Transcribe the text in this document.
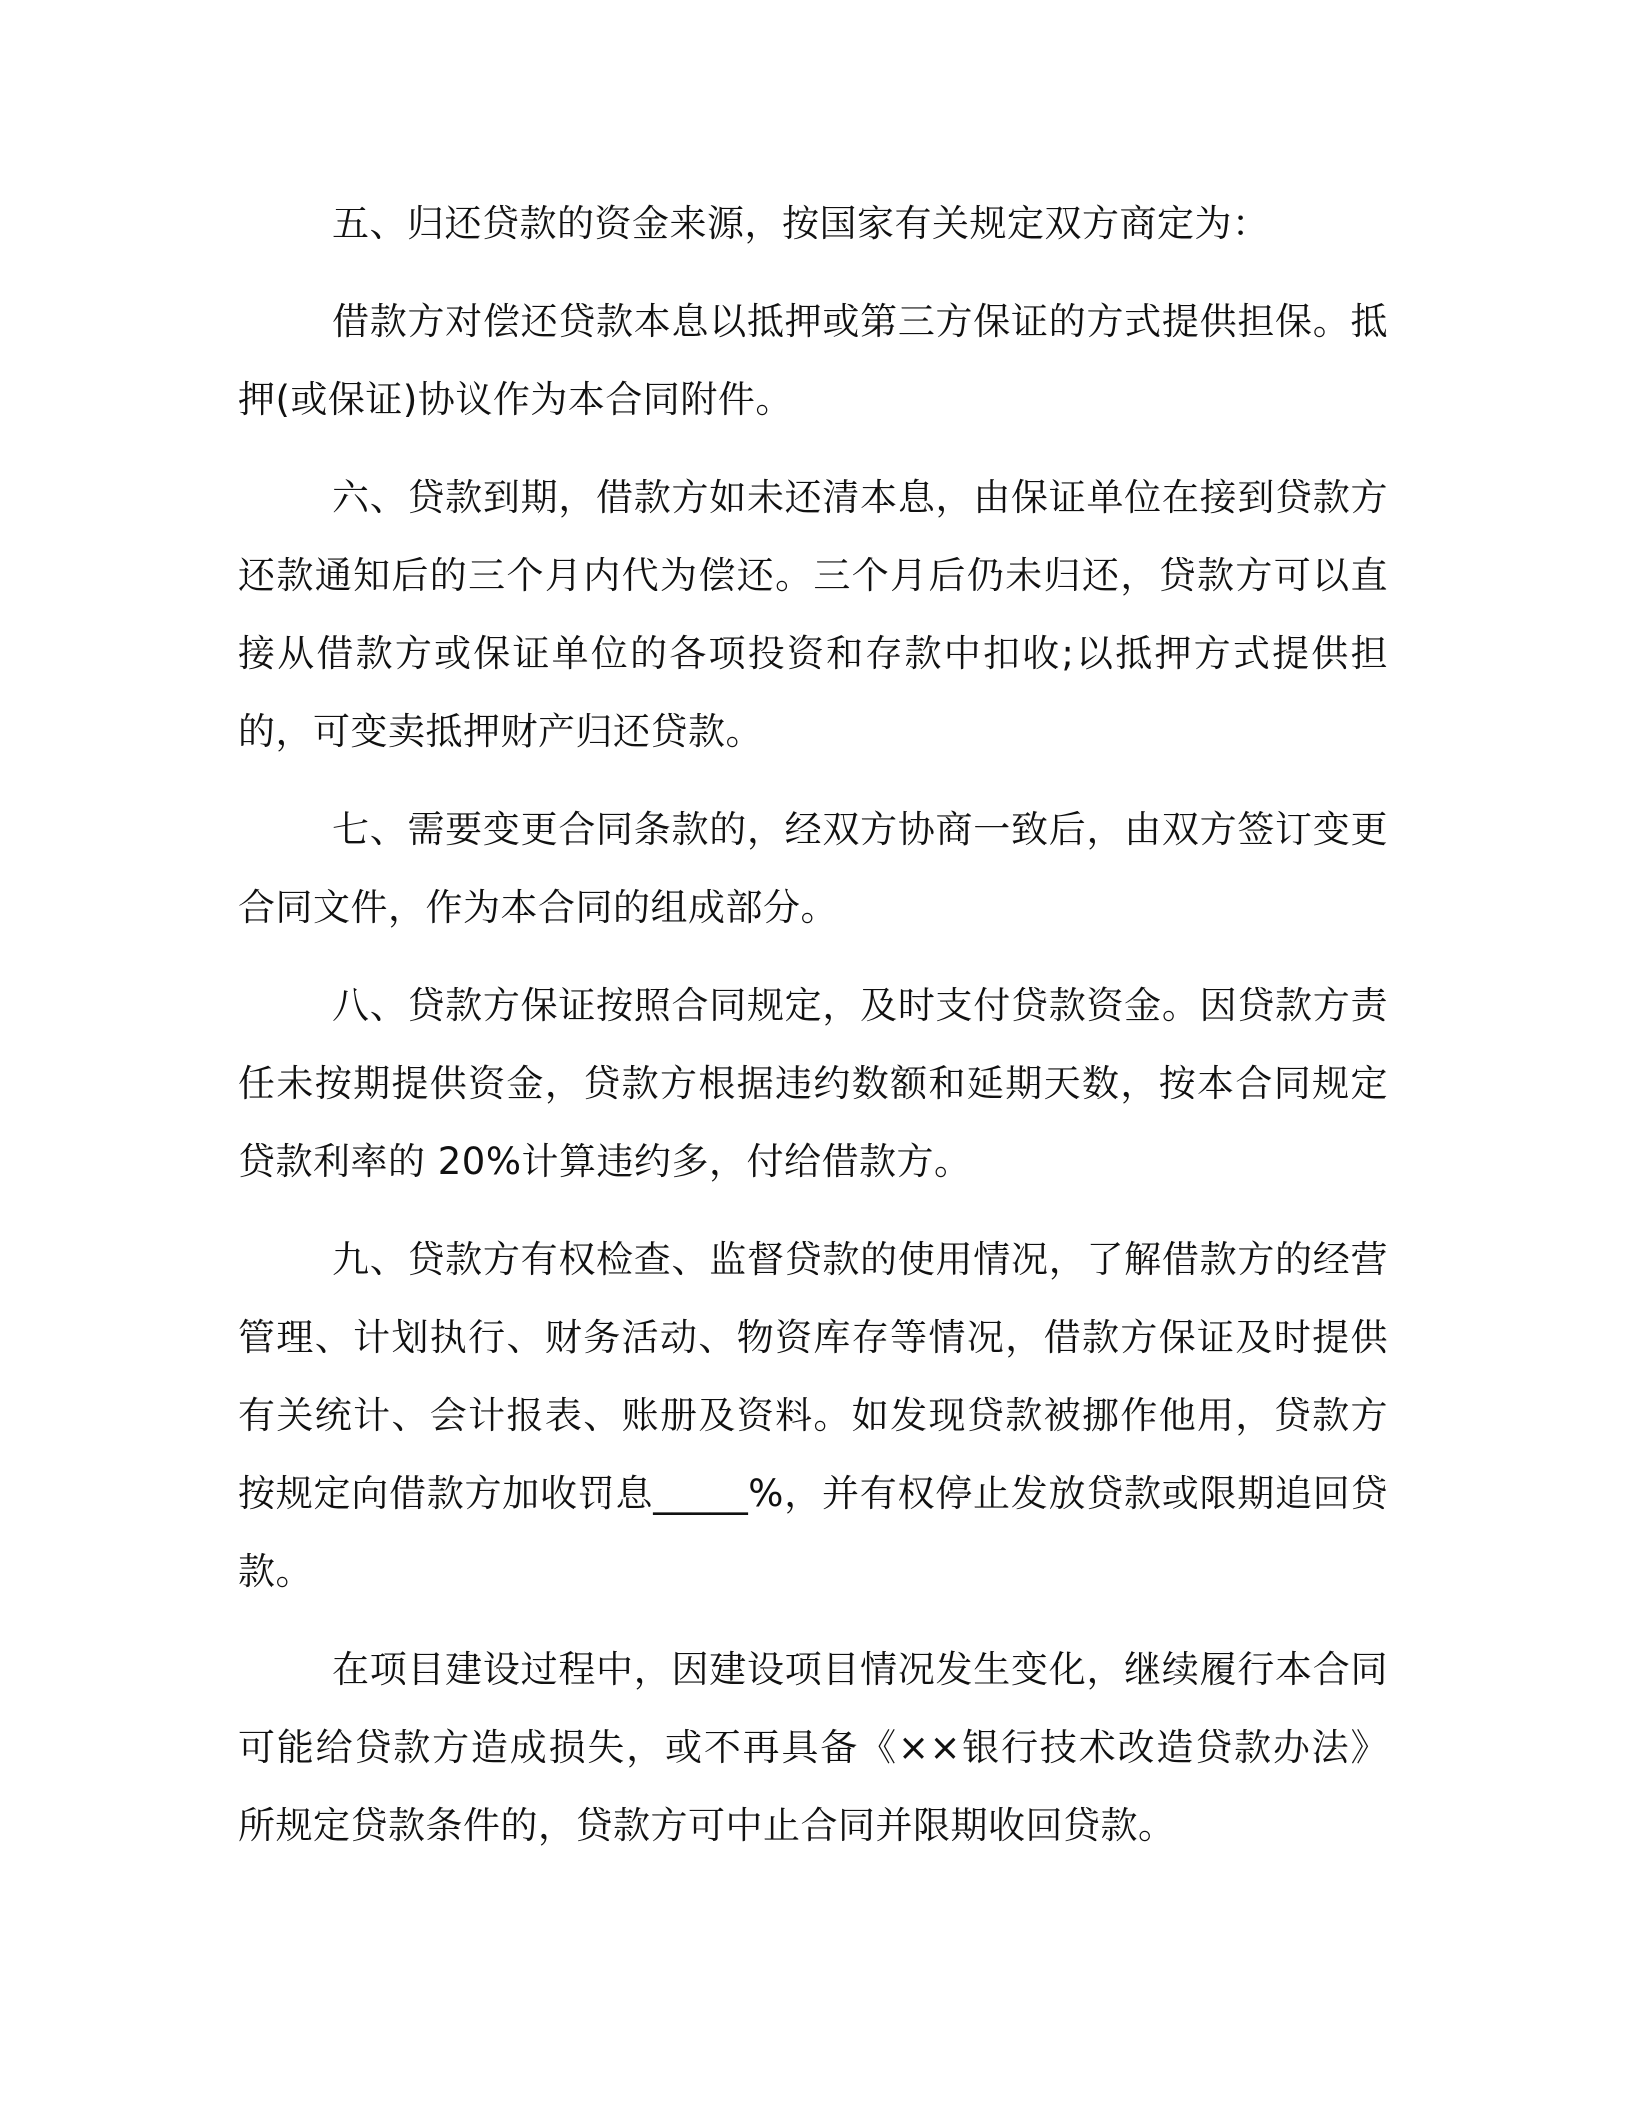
五、归还贷款的资金来源，按国家有关规定双方商定为：

借款方对偿还贷款本息以抵押或第三方保证的方式提供担保。抵押(或保证)协议作为本合同附件。

六、贷款到期，借款方如未还清本息，由保证单位在接到贷款方还款通知后的三个月内代为偿还。三个月后仍未归还，贷款方可以直接从借款方或保证单位的各项投资和存款中扣收;以抵押方式提供担的，可变卖抵押财产归还贷款。

七、需要变更合同条款的，经双方协商一致后，由双方签订变更合同文件，作为本合同的组成部分。

八、贷款方保证按照合同规定，及时支付贷款资金。因贷款方责任未按期提供资金，贷款方根据违约数额和延期天数，按本合同规定贷款利率的 20%计算违约多，付给借款方。

九、贷款方有权检查、监督贷款的使用情况，了解借款方的经营管理、计划执行、财务活动、物资库存等情况，借款方保证及时提供有关统计、会计报表、账册及资料。如发现贷款被挪作他用，贷款方按规定向借款方加收罚息_____%，并有权停止发放贷款或限期追回贷款。

在项目建设过程中，因建设项目情况发生变化，继续履行本合同可能给贷款方造成损失，或不再具备《××银行技术改造贷款办法》所规定贷款条件的，贷款方可中止合同并限期收回贷款。
